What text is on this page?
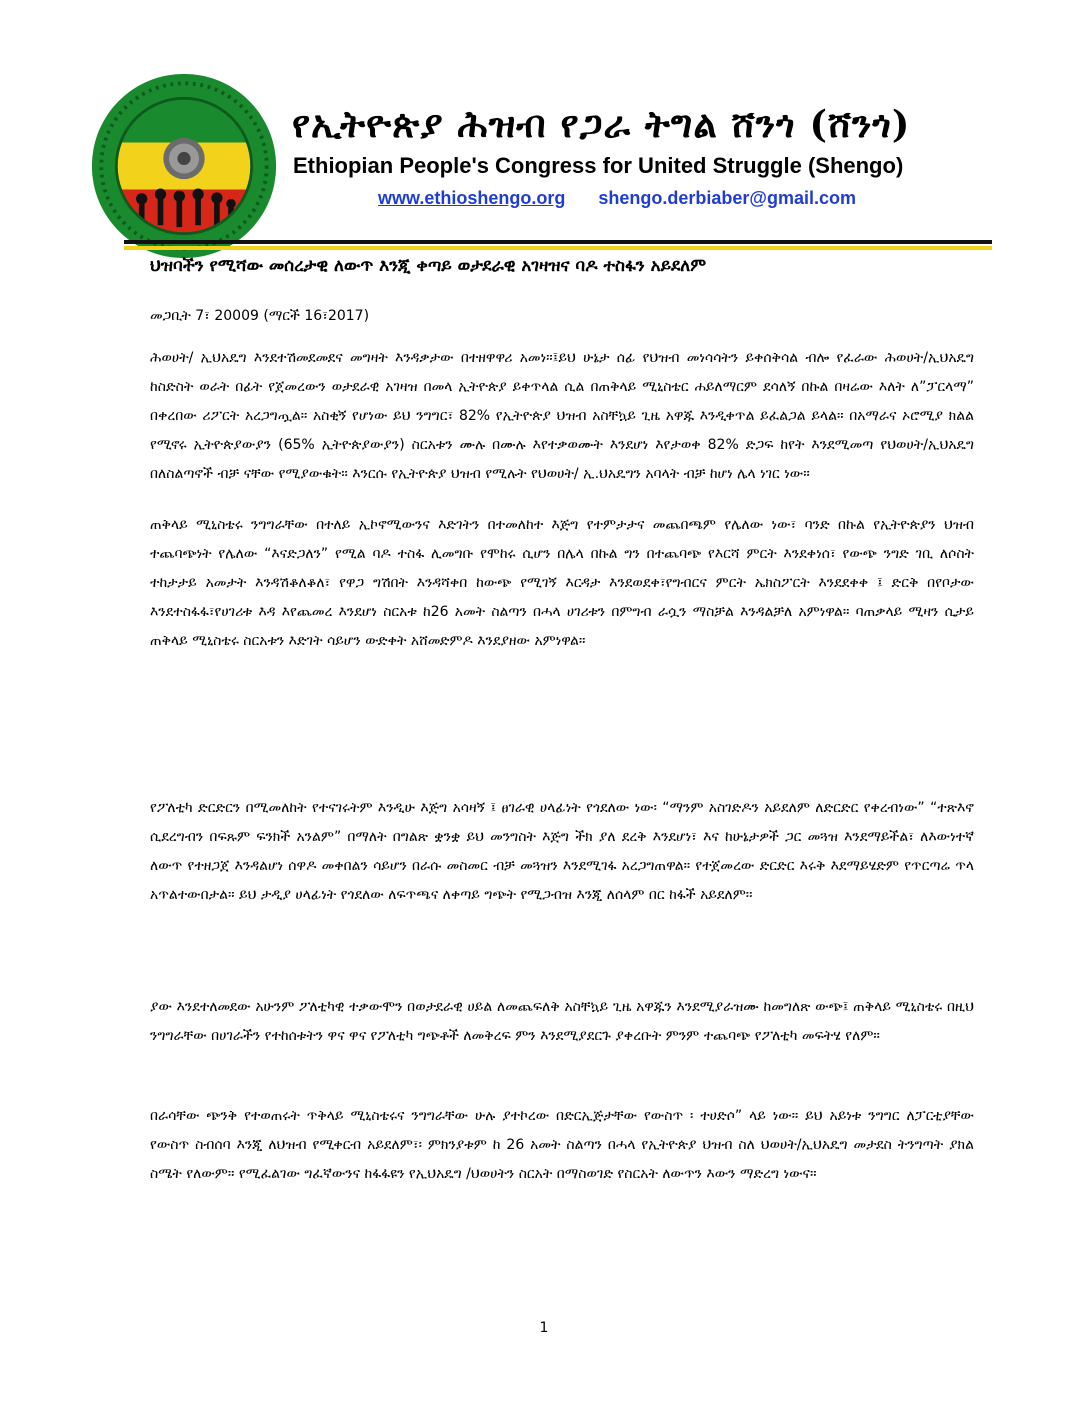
የኢትዮጵያ ሕዝብ የጋራ ትግል ሸንጎ (ሸንጎ)
Ethiopian People's Congress for United Struggle (Shengo)
www.ethioshengo.org shengo.derbiaber@gmail.com
ህዝባችን የሚሻው መሰረታዊ ለውጥ እንጂ ቀጣይ ወታደራዊ አገዛዝና ባዶ ተስፋን አይደለም
መጋቢት 7፣ 20009 (ማርች 16፣2017)

ሕወሀት/ ኢህአዴግ እንደተሽመደመደና መግዛት እንዳቃታው በተዘዋዋሪ አመነ።፤ይህ ሁኔታ ሰፊ የህዝብ መነሳሳትን ይቀሰቅሳል ብሎ የፈራው ሕወሀት/ኢህአዴግ ከስድስት ወራት በፊት የጀመረውን ወታደራዊ አገዛዝ በመላ ኢትዮጵያ ይቀጥላል ሲል በጠቅላይ ሚኒስቴር ሐይለማርም ደሳለኝ በኩል በዛሬው እለት ለ”ፓርላማ” በቀረበው ሪፖርት አረጋግጧል። አስቂኝ የሆነው ይህ ንግግር፣ 82% የኢትዮጵያ ህዝብ አስቸኳይ ጊዜ አዋጁ እንዲቀጥል ይፈልጋል ይላል። በአማራና ኦሮሚያ ክልል የሚኖሩ ኢትዮጵያውያን (65% ኢትዮጵያውያን) ስርአቱን ሙሉ በሙሉ እየተቃወሙት እንደሆነ እየታወቀ 82% ድጋፍ ከየት እንደሚመጣ የህወሀት/ኢህአዴግ በለስልጣኖች ብቻ ናቸው የሚያውቁት፡፡ እንርሱ የኢትዮጵያ ህዝብ የሚሉት የህወሀት/ ኢ.ህአዴግን አባላት ብቻ ከሆነ ሌላ ነገር ነው።

ጠቅላይ ሚኒስቴሩ ንግግራቸው በተለይ ኢኮኖሚውንና እድገትን በተመለከተ እጅግ የተምታታና መጨበጫም የሌለው ነው፣ ባንድ በኩል የኢትዮጵያን ህዝብ ተጨባጭነት የሌለው “እናድጋለን” የሚል ባዶ ተስፋ ሊመግቡ የሞከሩ ሲሆን በሌላ በኩል ግን በተጨባጭ የእርሻ ምርት እንደቀነሰ፣ የውጭ ንግድ ገቢ ለሶስት ተከታታይ አመታት እንዳሽቆለቆለ፣ የዋጋ ግሽበት እንዳሻቀበ ከውጭ የሚገኝ እርዳታ እንደወደቀ፣የግብርና ምርት ኤክስፖርት እንደደቀቀ ፤ ድርቅ በየቦታው እንደተስፋፋ፣የሀገሪቱ እዳ እየጨመረ እንደሆነ ስርአቱ ከ26 አመት ስልጣን በሓላ ሀገሪቱን በምግብ ራሷን ማስቻል እንዳልቻለ አምነዋል። ባጠቃላይ ሚዛን ሲታይ ጠቅላይ ሚኒስቴሩ ስርአቱን እድገት ሳይሆን ውድቀት አሸመድምዶ እንደያዘው አምነዋል።

የፖለቲካ ድርድርን በሚመለከት የተናገሩትም እንዲሁ እጅግ አሳዛኝ ፤ ፀገራዊ ሀላፊነት የጎደለው ነው፡ “ማንም አስገድዶን አይደለም ለድርድር የቀረብነው” “ተጽእኖ ሲደረግብን በፍጹም ፍንክች አንልም” በማለት በግልጽ ቋንቋ ይህ መንግስት እጅግ ችክ ያለ ደረቅ እንደሆነ፣ እና ከሁኔታዎች ጋር መጓዝ እንደማይችል፣ ለእውነተኛ ለውጥ የተዘጋጀ እንዳልሆነ ሰዋዶ መቀበልን ሳይሆን በራሱ መስመር ብቻ መጓዝን እንደሚገፋ አረጋግጠዋል። የተጀመረው ድርድር እሩቅ እደማይሄድም የጥርጣሬ ጥላ አጥልተውበታል። ይህ ታዲያ ሀላፊነት የጎደለው ለፍጥጫና ለቀጣይ ግጭት የሚጋብዝ እንጂ ለሰላም በር ከፋች አይደለም፡፡

ያው እንደተለመደው አሁንም ፖለቲካዊ ተቃውሞን በወታደራዊ ሀይል ለመጨፍለቅ አስቸኳይ ጊዜ አዋጁን እንደሚያራዝሙ ከመግለጽ ውጭ፤ ጠቅላይ ሚኒስቴሩ በዚህ ንግግራቸው በሀገራችን የተከሰቱትን ዋና ዋና የፖለቲካ ግጭቶች ለመቅረፍ ምን እንደሚያደርጉ ያቀረቡት ምንም ተጨባጭ የፖለቲካ መፍትሄ የለም።

በራሳቸው ጭንቅ የተወጠሩት ጥቅላይ ሚኒስቴሩና ንግግራቸው ሁሉ ያተኮረው በድርኢጅታቸው የውስጥ ፡ ተሀድሶ” ላይ ነው። ይህ አይነቱ ንግግር ለፓርቲያቸው የውስጥ ስብሰባ እንጂ ለህዝብ የሚቀርብ አይደለም፣፡ ምክንያቱም ከ 26 አመት ስልጣን በሓላ የኢትዮጵያ ህዝብ ስለ ህወሀት/ኢህአዴግ መታደስ ትንግጣት ያክል ስሜት የለውም። የሚፈልገው ግፈኛውንና ከፋፋዩን የኢህአዴግ /ህወሀትን ስርአት በማስወገድ የስርአት ለውጥን እውን ማድረግ ነውና።

1
